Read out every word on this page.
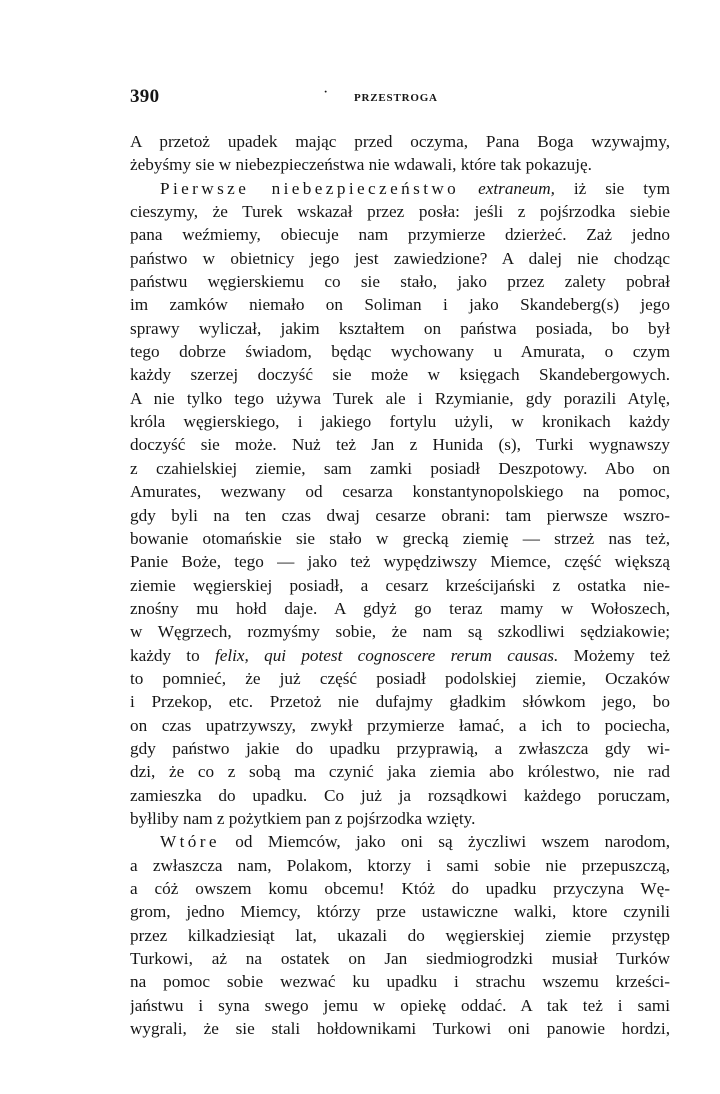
390	· PRZESTROGA
A przetoż upadek mając przed oczyma, Pana Boga wzywajmy,
żebyśmy sie w niebezpieczeństwa nie wdawali, które tak pokazuję.
Pierwsze niebezpieczeństwo extraneum, iż sie tym
cieszymy, że Turek wskazał przez posła: jeśli z pojśrzodka siebie
pana weźmiemy, obiecuje nam przymierze dzierżeć. Zaż jedno
państwo w obietnicy jego jest zawiedzione? A dalej nie chodząc
państwu węgierskiemu co sie stało, jako przez zalety pobrał
im zamków niemało on Soliman i jako Skandeberg(s) jego
sprawy wyliczał, jakim kształtem on państwa posiada, bo był
tego dobrze świadom, będąc wychowany u Amurata, o czym
każdy szerzej doczyść sie może w księgach Skandebergowych.
A nie tylko tego używa Turek ale i Rzymianie, gdy porazili Atylę,
króla węgierskiego, i jakiego fortylu użyli, w kronikach każdy
doczyść sie może. Nuż też Jan z Hunida (s), Turki wygnawszy
z czahielskiej ziemie, sam zamki posiadł Deszpotowy. Abo on
Amurates, wezwany od cesarza konstantynopolskiego na pomoc,
gdy byli na ten czas dwaj cesarze obrani: tam pierwsze wszro-
bowanie otomańskie sie stało w grecką ziemię — strzeż nas też,
Panie Boże, tego — jako też wypędziwszy Miemce, część większą
ziemie węgierskiej posiadł, a cesarz krześcijański z ostatka nie-
znośny mu hołd daje. A gdyż go teraz mamy w Wołoszech,
w Węgrzech, rozmyśmy sobie, że nam są szkodliwi sędziakowie;
każdy to felix, qui potest cognoscere rerum causas. Możemy też
to pomnieć, że już część posiadł podolskiej ziemie, Oczaków
i Przekop, etc. Przetoż nie dufajmy gładkim słówkom jego, bo
on czas upatrzywszy, zwykł przymierze łamać, a ich to pociecha,
gdy państwo jakie do upadku przyprawią, a zwłaszcza gdy wi-
dzi, że co z sobą ma czynić jaka ziemia abo królestwo, nie rad
zamieszka do upadku. Co już ja rozsądkowi każdego poruczam,
byłliby nam z pożytkiem pan z pojśrzodka wzięty.
Wtóre od Miemców, jako oni są życzliwi wszem narodom,
a zwłaszcza nam, Polakom, ktorzy i sami sobie nie przepuszczą,
a cóż owszem komu obcemu! Któż do upadku przyczyna Wę-
grom, jedno Miemcy, którzy prze ustawiczne walki, ktore czynili
przez kilkadziesiąt lat, ukazali do węgierskiej ziemie przystęp
Turkowi, aż na ostatek on Jan siedmiogrodzki musiał Turków
na pomoc sobie wezwać ku upadku i strachu wszemu krześci-
jaństwu i syna swego jemu w opiekę oddać. A tak też i sami
wygrali, że sie stali hołdownikami Turkowi oni panowie hordzi,
